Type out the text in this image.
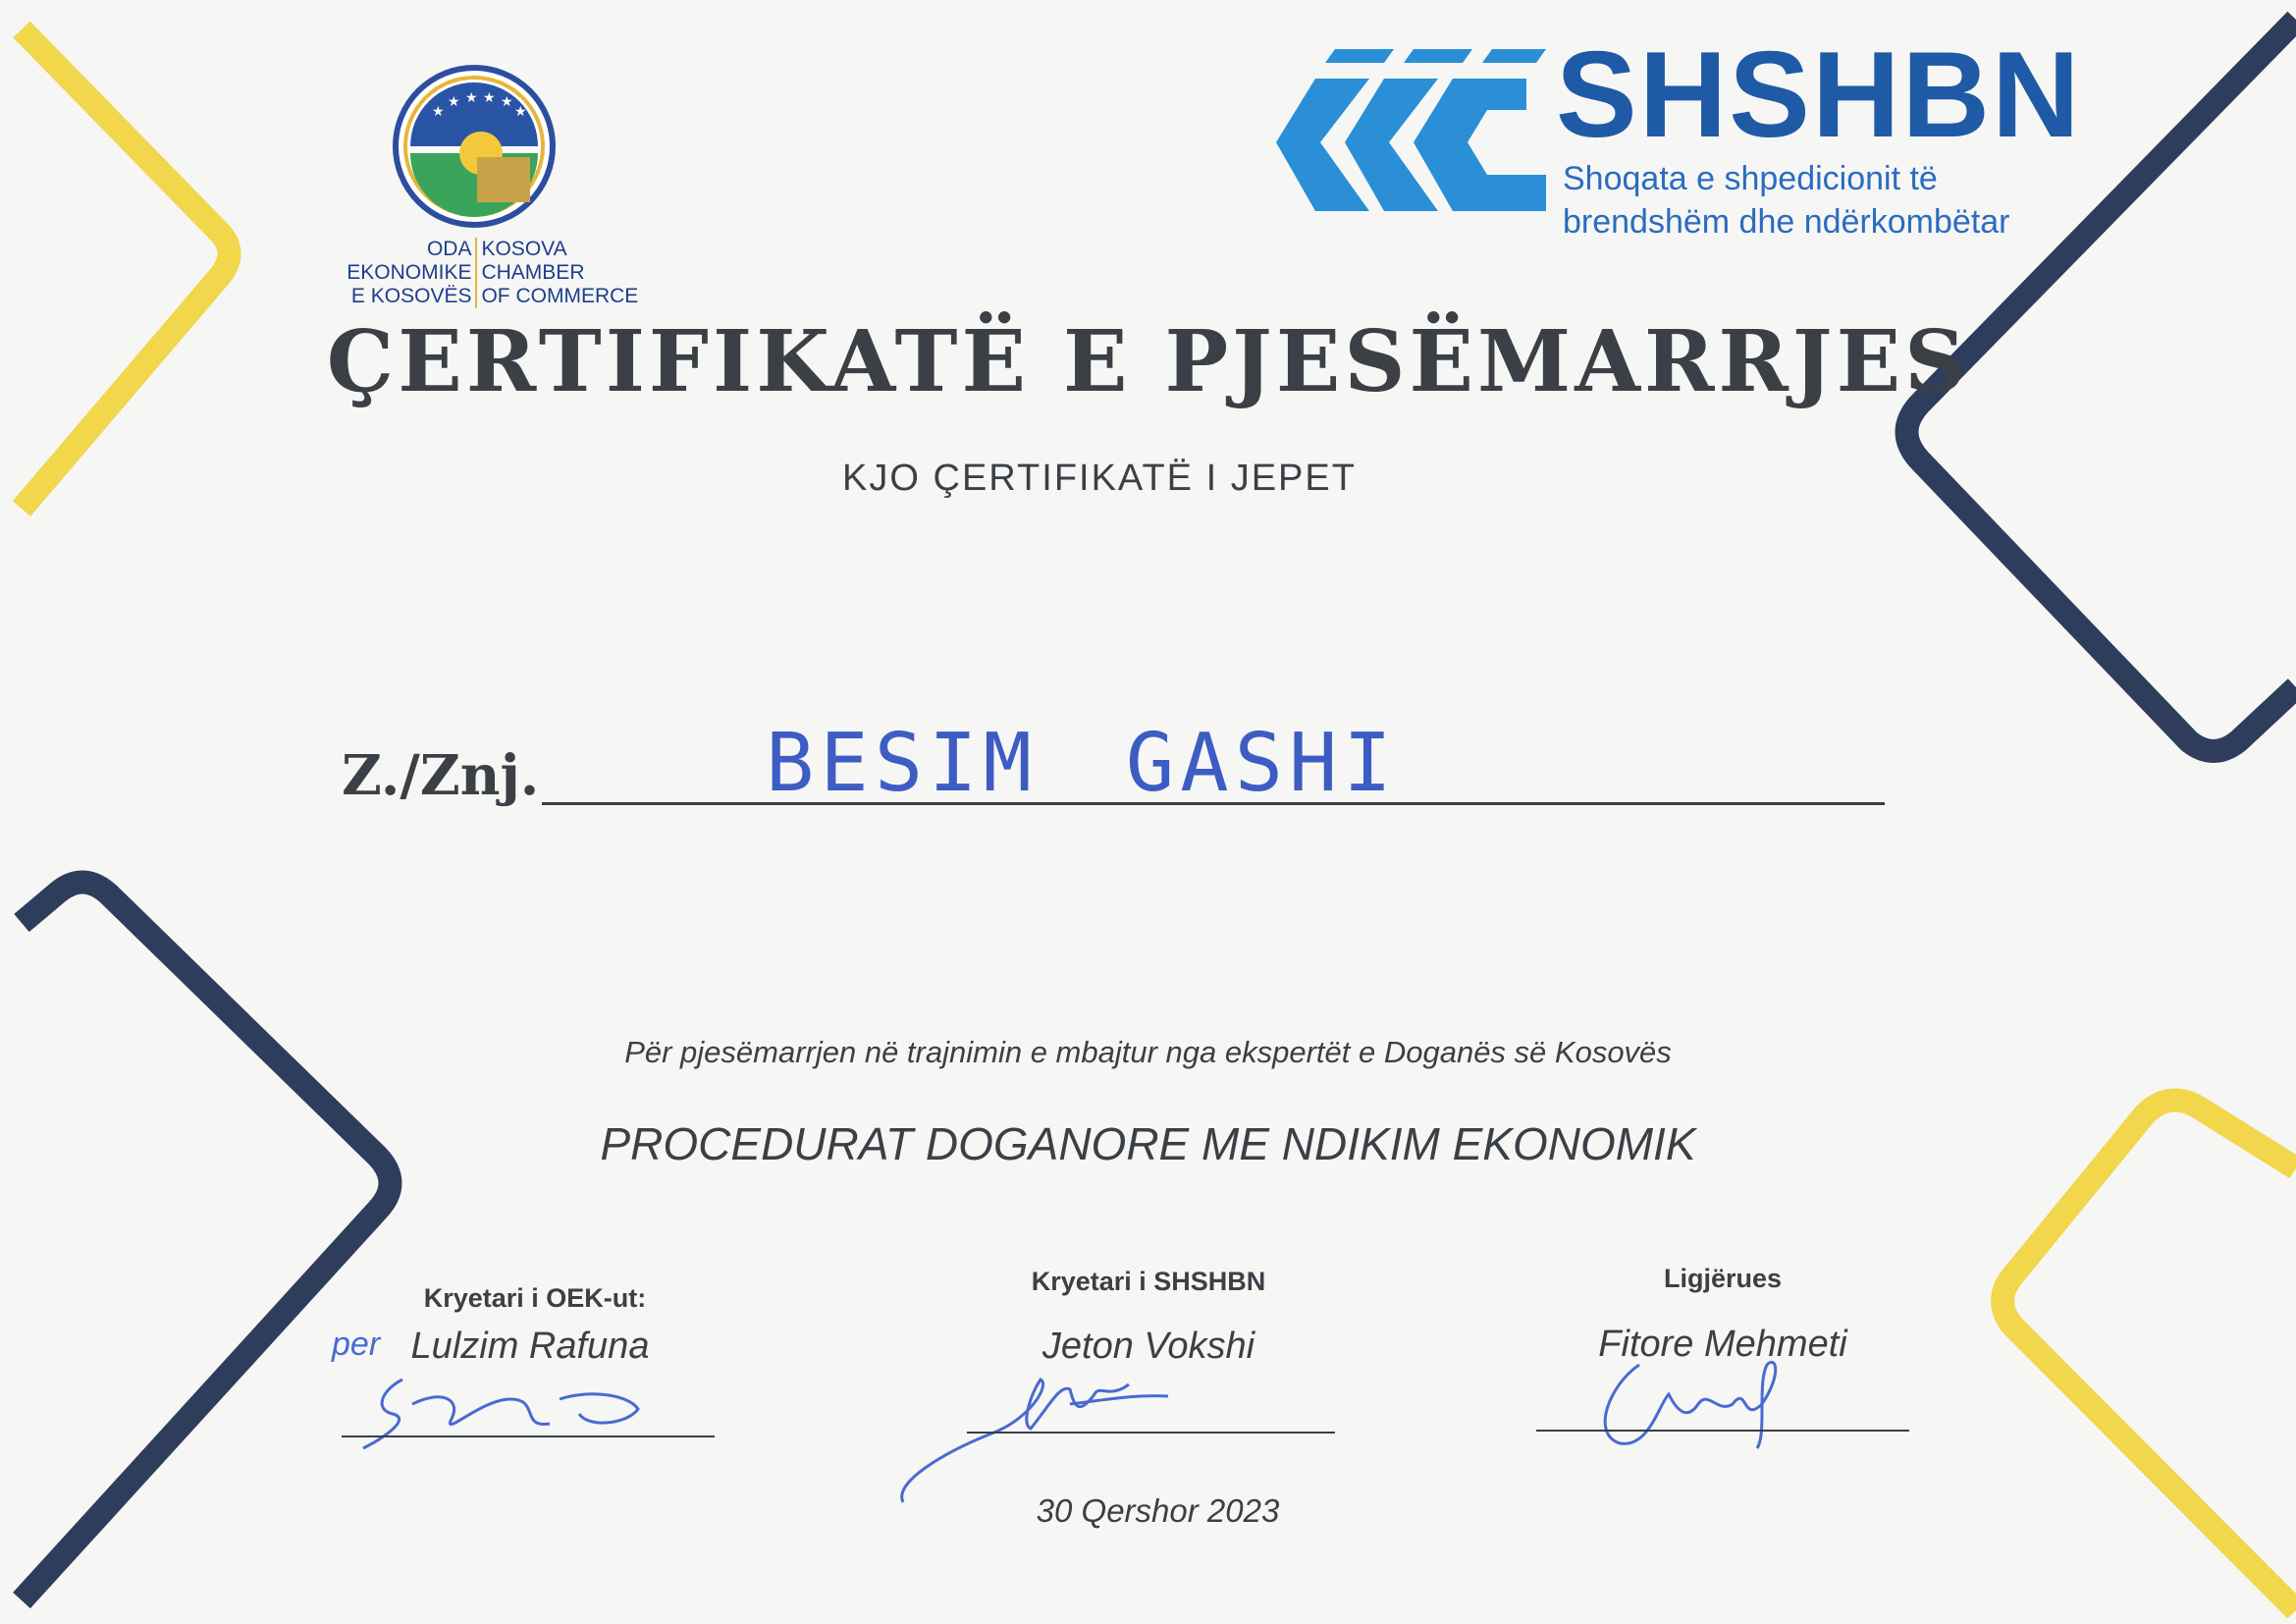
★
★ ★ ★ ★
★
ODA EKONOMIKE	KOSOVA CHAMBER
E KOSOVËS	OF COMMERCE
SHSHBN
Shoqata e shpedicionit të
brendshëm dhe ndërkombëtar
ÇERTIFIKATË E PJESËMARRJES
KJO ÇERTIFIKATË I JEPET
Z./Znj.	BESIM GASHI
Për pjesëmarrjen në trajnimin e mbajtur nga ekspertët e Doganës së Kosovës
PROCEDURAT DOGANORE ME NDIKIM EKONOMIK
Kryetari i OEK-ut:
per Lulzim Rafuna
Kryetari i SHSHBN
Jeton Vokshi
Ligjërues
Fitore Mehmeti
30 Qershor 2023
